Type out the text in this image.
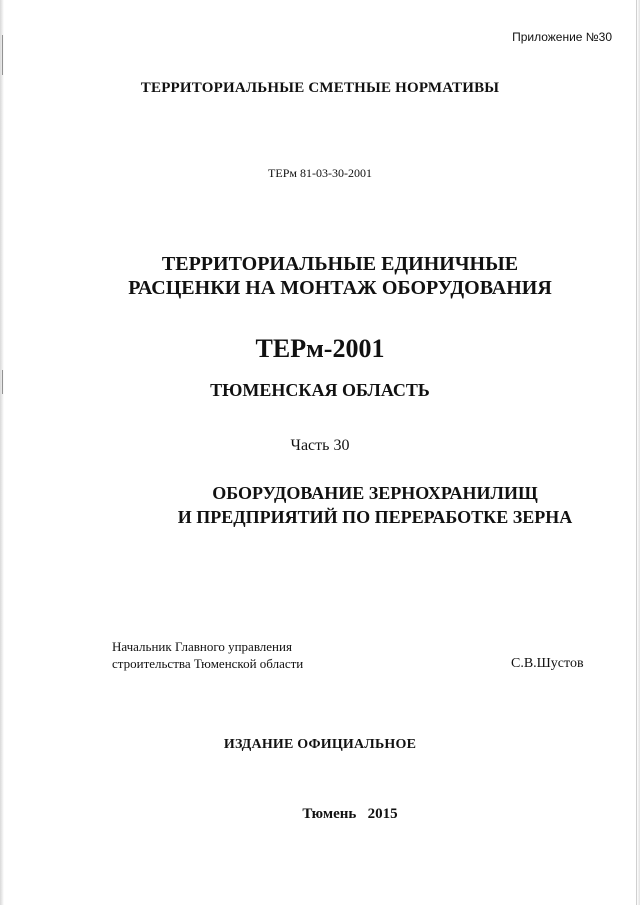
Приложение №30
ТЕРРИТОРИАЛЬНЫЕ СМЕТНЫЕ НОРМАТИВЫ
ТЕРм 81-03-30-2001
ТЕРРИТОРИАЛЬНЫЕ ЕДИНИЧНЫЕ
РАСЦЕНКИ НА МОНТАЖ ОБОРУДОВАНИЯ
ТЕРм-2001
ТЮМЕНСКАЯ ОБЛАСТЬ
Часть 30
ОБОРУДОВАНИЕ ЗЕРНОХРАНИЛИЩ
И ПРЕДПРИЯТИЙ ПО ПЕРЕРАБОТКЕ ЗЕРНА
Начальник Главного управления
строительства Тюменской области	С.В.Шустов
ИЗДАНИЕ ОФИЦИАЛЬНОЕ
Тюмень   2015
